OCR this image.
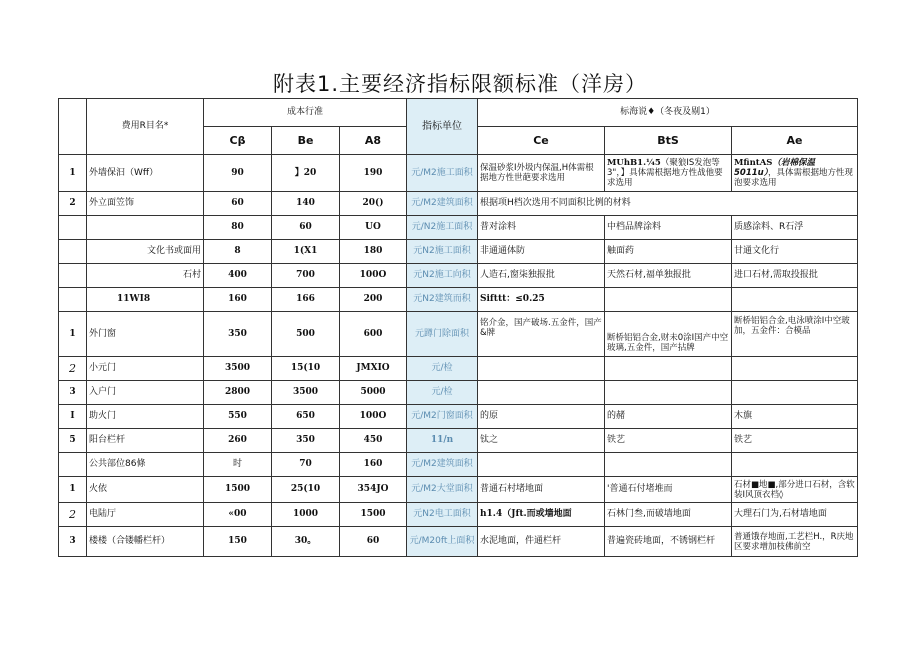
附表1.主要经济指标限额标准（洋房）
	费用R目名*	成本行准			指标单位	标海说♦（冬夜及剔1）		
		Cβ	Be	A8		Ce	BtS	Ae
1	外墙保汩（Wff）	90	】20	190	元/M2施工面积	保温砂浆I外圾内保温,H体需根据地方性世葩要求选用	MUhB1.¼5（聚狼IS发泡等3"，】具体需根据地方性战他要求选用	MfintAS（岩棉保温5011u），具体需根据地方性现泡要求选用
2	外立面笠饰	60	140	20()	元/M2建筑面积	根据项H档次选用不同面积比例的材料		
		80	60	UO	元/N2施工面积	普对涂料	中档品牌涂料	质感涂料、R石浮
	文化书或面用	8	1(X1	180	元N2施工面积	非通通体防	触面药	甘通文化行
	石村	400	700	100O	元N2施工向积	人造石,窗柒独报批	天然石材,福单独报批	进口石材,需取投报批
	11WI8	160	166	200	元N2建筑而积	Sifttt：≤0.25		
1	外门窗	350	500	600	元蹲门除面积	铭介金，国产破场.五金件，国产&牌	断桥铝铝合金,财未0涂I国产中空玻璃,五金件，国产拈牌	断桥铝铝合金,电泳喷涂I中空玻加，五金件：合模品
2	小元门	3500	15(10	JMXIO	元/检			
3	入户门	2800	3500	5000	元/检			
I	助火门	550	650	100O	元/M2门窗面积	的原	的赭	木旗
5	阳台栏杆	260	350	450	11/n	钛之	铁艺	铁艺
	公共部位86條	时	70	160	元/M2建筑面积			
1	火依	1500	25(10	354JO	元/M2大堂面积	普通石村堵地面	'普通石付堵堆而	石材■地■,部分进口石材，含软装I风顶衣档◊
2	电陆厅	«00	1000	1500	元N2电工面积	h1.4（Jft.而或墙地面	石林门叁,而破墙地面	大理石门为,石材墙地面
3	楼楼（合镂幡栏杆）	150	30。	60	元/M20ft上面积	水泥地面，件通栏杆	普遍瓷砖地面，不锈钢栏杆	普通饿存地面,工艺栏H.，R庆地区要求增加枝佛前空
